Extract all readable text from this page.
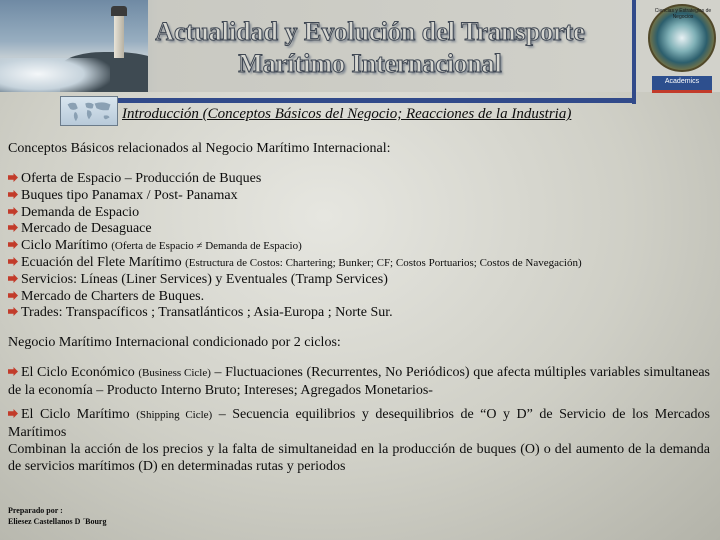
Actualidad y Evolución del Transporte
Marítimo Internacional
Ciencias y Estrategias de Negocios
Academics
Introducción (Conceptos Básicos del Negocio; Reacciones de la Industria)
Conceptos Básicos relacionados al Negocio Marítimo Internacional:
Oferta de Espacio – Producción de Buques
Buques tipo Panamax / Post- Panamax
Demanda de Espacio
Mercado de Desaguace
Ciclo Marítimo (Oferta de Espacio ≠ Demanda de Espacio)
Ecuación del Flete Marítimo (Estructura de Costos: Chartering; Bunker; CF; Costos Portuarios; Costos de Navegación)
Servicios: Líneas (Liner Services) y Eventuales (Tramp Services)
Mercado de Charters de Buques.
Trades: Transpacíficos ; Transatlánticos ; Asia-Europa ; Norte Sur.
Negocio Marítimo Internacional condicionado por 2 ciclos:
El Ciclo Económico (Business Cicle) – Fluctuaciones (Recurrentes, No Periódicos) que afecta múltiples variables simultaneas de la economía – Producto Interno Bruto; Intereses; Agregados Monetarios-
El Ciclo Marítimo (Shipping Cicle) – Secuencia equilibrios y desequilibrios de “O y D” de Servicio de los Mercados Marítimos
Combinan la acción de los precios y la falta de simultaneidad en la producción de buques (O) o del aumento de la demanda de servicios marítimos (D) en determinadas rutas y periodos
Preparado por :
Eliesez Castellanos D ´Bourg
